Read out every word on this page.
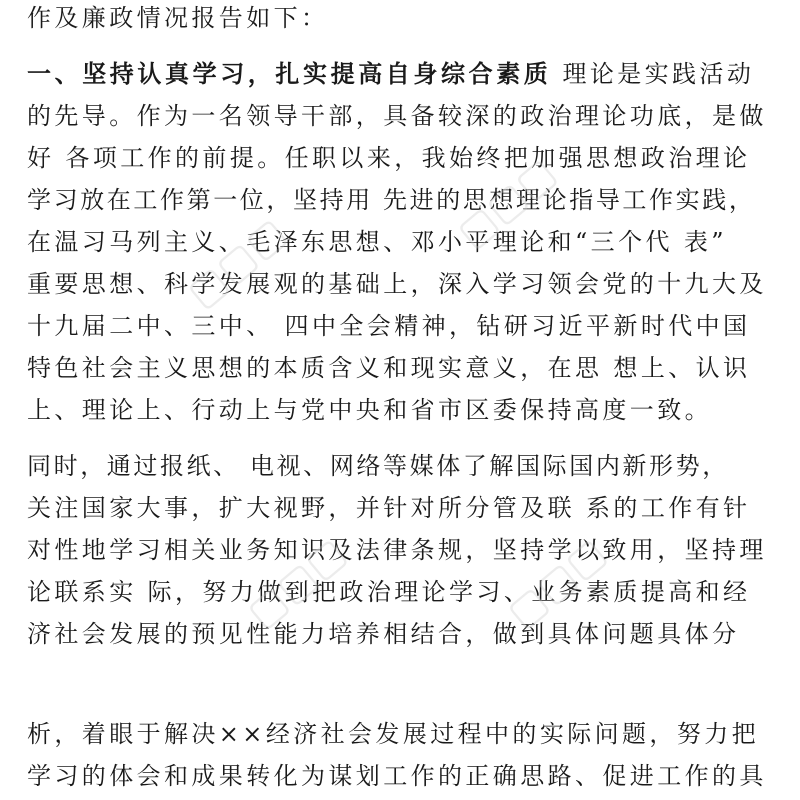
作及廉政情况报告如下：
一、坚持认真学习，扎实提高自身综合素质 理论是实践活动
的先导。作为一名领导干部，具备较深的政治理论功底，是做
好 各项工作的前提。任职以来，我始终把加强思想政治理论
学习放在工作第一位，坚持用 先进的思想理论指导工作实践，
在温习马列主义、毛泽东思想、邓小平理论和“三个代 表”
重要思想、科学发展观的基础上，深入学习领会党的十九大及
十九届二中、三中、 四中全会精神，钻研习近平新时代中国
特色社会主义思想的本质含义和现实意义，在思 想上、认识
上、理论上、行动上与党中央和省市区委保持高度一致。
同时，通过报纸、 电视、网络等媒体了解国际国内新形势，
关注国家大事，扩大视野，并针对所分管及联 系的工作有针
对性地学习相关业务知识及法律条规，坚持学以致用，坚持理
论联系实 际，努力做到把政治理论学习、业务素质提高和经
济社会发展的预见性能力培养相结合，做到具体问题具体分
析，着眼于解决××经济社会发展过程中的实际问题，努力把
学习的体会和成果转化为谋划工作的正确思路、促进工作的具
▢▢▢
▢▢▢
▢▢▢	▢▢▢
